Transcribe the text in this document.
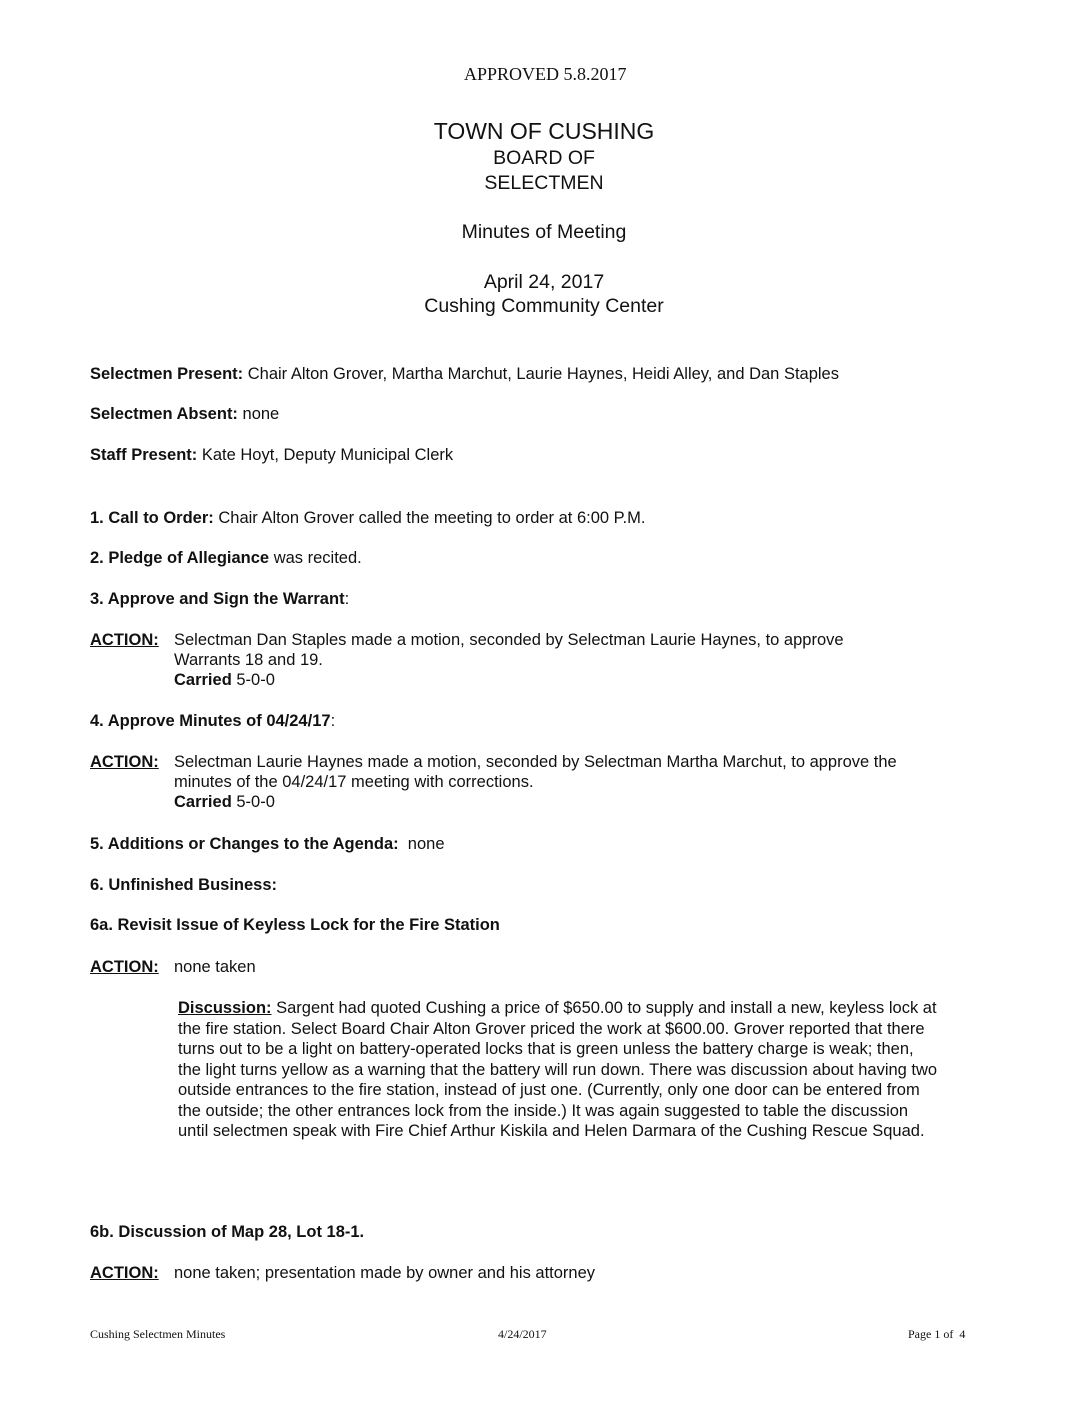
APPROVED 5.8.2017
TOWN OF CUSHING
BOARD OF
SELECTMEN
Minutes of Meeting
April 24, 2017
Cushing Community Center
Selectmen Present: Chair Alton Grover, Martha Marchut, Laurie Haynes, Heidi Alley, and Dan Staples
Selectmen Absent: none
Staff Present: Kate Hoyt, Deputy Municipal Clerk
1. Call to Order: Chair Alton Grover called the meeting to order at 6:00 P.M.
2. Pledge of Allegiance was recited.
3. Approve and Sign the Warrant:
ACTION: Selectman Dan Staples made a motion, seconded by Selectman Laurie Haynes, to approve
Warrants 18 and 19.
Carried 5-0-0
4. Approve Minutes of 04/24/17:
ACTION: Selectman Laurie Haynes made a motion, seconded by Selectman Martha Marchut, to approve the
minutes of the 04/24/17 meeting with corrections.
Carried 5-0-0
5. Additions or Changes to the Agenda:  none
6. Unfinished Business:
6a. Revisit Issue of Keyless Lock for the Fire Station
ACTION: none taken
Discussion: Sargent had quoted Cushing a price of $650.00 to supply and install a new, keyless lock at
the fire station. Select Board Chair Alton Grover priced the work at $600.00. Grover reported that there
turns out to be a light on battery-operated locks that is green unless the battery charge is weak; then,
the light turns yellow as a warning that the battery will run down. There was discussion about having two
outside entrances to the fire station, instead of just one. (Currently, only one door can be entered from
the outside; the other entrances lock from the inside.) It was again suggested to table the discussion
until selectmen speak with Fire Chief Arthur Kiskila and Helen Darmara of the Cushing Rescue Squad.
6b. Discussion of Map 28, Lot 18-1.
ACTION: none taken; presentation made by owner and his attorney
Cushing Selectmen Minutes	4/24/2017	Page 1 of  4
